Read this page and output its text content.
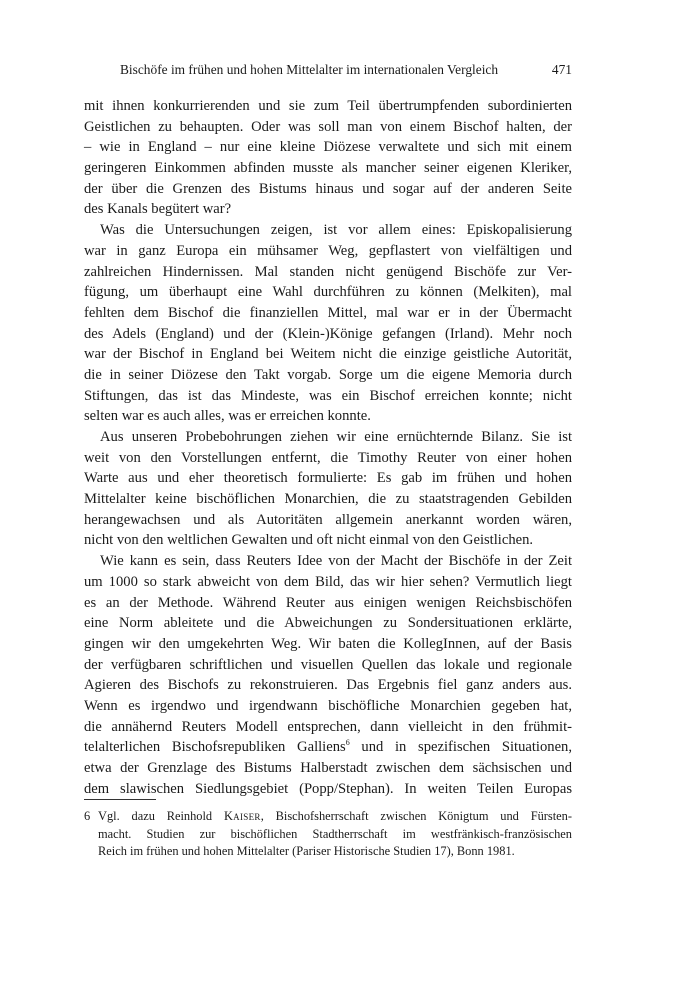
Bischöfe im frühen und hohen Mittelalter im internationalen Vergleich	471
mit ihnen konkurrierenden und sie zum Teil übertrumpfenden subordinierten
Geistlichen zu behaupten. Oder was soll man von einem Bischof halten, der
– wie in England – nur eine kleine Diözese verwaltete und sich mit einem
geringeren Einkommen abfinden musste als mancher seiner eigenen Kleriker,
der über die Grenzen des Bistums hinaus und sogar auf der anderen Seite
des Kanals begütert war?
Was die Untersuchungen zeigen, ist vor allem eines: Episkopalisierung
war in ganz Europa ein mühsamer Weg, gepflastert von vielfältigen und
zahlreichen Hindernissen. Mal standen nicht genügend Bischöfe zur Ver-
fügung, um überhaupt eine Wahl durchführen zu können (Melkiten), mal
fehlten dem Bischof die finanziellen Mittel, mal war er in der Übermacht
des Adels (England) und der (Klein-)Könige gefangen (Irland). Mehr noch
war der Bischof in England bei Weitem nicht die einzige geistliche Autorität,
die in seiner Diözese den Takt vorgab. Sorge um die eigene Memoria durch
Stiftungen, das ist das Mindeste, was ein Bischof erreichen konnte; nicht
selten war es auch alles, was er erreichen konnte.
Aus unseren Probebohrungen ziehen wir eine ernüchternde Bilanz. Sie ist
weit von den Vorstellungen entfernt, die Timothy Reuter von einer hohen
Warte aus und eher theoretisch formulierte: Es gab im frühen und hohen
Mittelalter keine bischöflichen Monarchien, die zu staatstragenden Gebilden
herangewachsen und als Autoritäten allgemein anerkannt worden wären,
nicht von den weltlichen Gewalten und oft nicht einmal von den Geistlichen.
Wie kann es sein, dass Reuters Idee von der Macht der Bischöfe in der Zeit
um 1000 so stark abweicht von dem Bild, das wir hier sehen? Vermutlich liegt
es an der Methode. Während Reuter aus einigen wenigen Reichsbischöfen
eine Norm ableitete und die Abweichungen zu Sondersituationen erklärte,
gingen wir den umgekehrten Weg. Wir baten die KollegInnen, auf der Basis
der verfügbaren schriftlichen und visuellen Quellen das lokale und regionale
Agieren des Bischofs zu rekonstruieren. Das Ergebnis fiel ganz anders aus.
Wenn es irgendwo und irgendwann bischöfliche Monarchien gegeben hat,
die annähernd Reuters Modell entsprechen, dann vielleicht in den frühmit-
telalterlichen Bischofsrepubliken Galliens$^6$ und in spezifischen Situationen,
etwa der Grenzlage des Bistums Halberstadt zwischen dem sächsischen und
dem slawischen Siedlungsgebiet (Popp/Stephan). In weiten Teilen Europas
6 Vgl. dazu Reinhold Kaiser, Bischofsherrschaft zwischen Königtum und Fürsten-
macht. Studien zur bischöflichen Stadtherrschaft im westfränkisch-französischen
Reich im frühen und hohen Mittelalter (Pariser Historische Studien 17), Bonn 1981.
